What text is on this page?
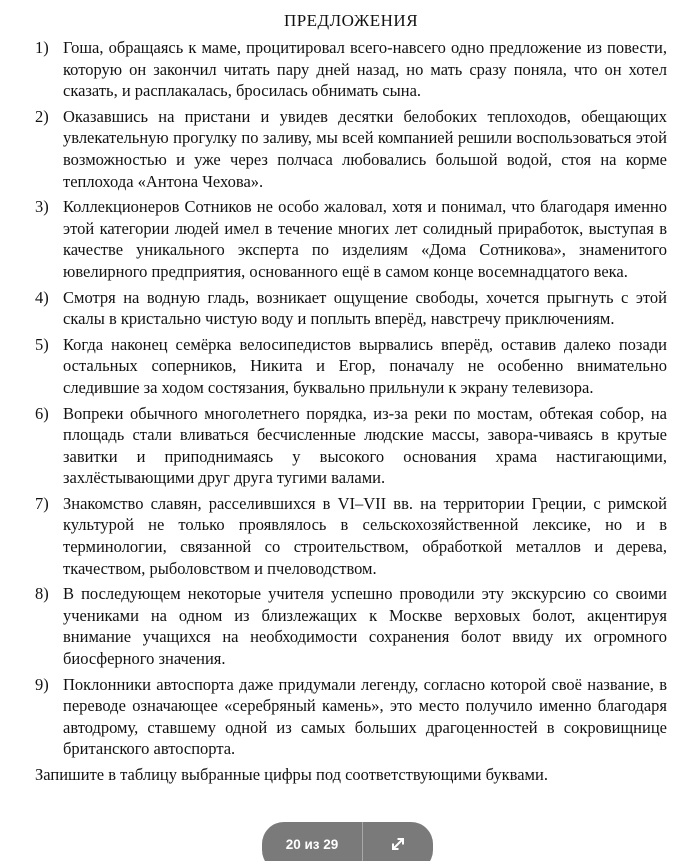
ПРЕДЛОЖЕНИЯ
1) Гоша, обращаясь к маме, процитировал всего-навсего одно предложение из повести, которую он закончил читать пару дней назад, но мать сразу поняла, что он хотел сказать, и расплакалась, бросилась обнимать сына.
2) Оказавшись на пристани и увидев десятки белобоких теплоходов, обещающих увлекательную прогулку по заливу, мы всей компанией решили воспользоваться этой возможностью и уже через полчаса любовались большой водой, стоя на корме теплохода «Антона Чехова».
3) Коллекционеров Сотников не особо жаловал, хотя и понимал, что благодаря именно этой категории людей имел в течение многих лет солидный приработок, выступая в качестве уникального эксперта по изделиям «Дома Сотникова», знаменитого ювелирного предприятия, основанного ещё в самом конце восемнадцатого века.
4) Смотря на водную гладь, возникает ощущение свободы, хочется прыгнуть с этой скалы в кристально чистую воду и поплыть вперёд, навстречу приключениям.
5) Когда наконец семёрка велосипедистов вырвались вперёд, оставив далеко позади остальных соперников, Никита и Егор, поначалу не особенно внимательно следившие за ходом состязания, буквально прильнули к экрану телевизора.
6) Вопреки обычного многолетнего порядка, из-за реки по мостам, обтекая собор, на площадь стали вливаться бесчисленные людские массы, завора-чиваясь в крутые завитки и приподнимаясь у высокого основания храма настигающими, захлёстывающими друг друга тугими валами.
7) Знакомство славян, расселившихся в VI–VII вв. на территории Греции, с римской культурой не только проявлялось в сельскохозяйственной лексике, но и в терминологии, связанной со строительством, обработкой металлов и дерева, ткачеством, рыболовством и пчеловодством.
8) В последующем некоторые учителя успешно проводили эту экскурсию со своими учениками на одном из близлежащих к Москве верховых болот, акцентируя внимание учащихся на необходимости сохранения болот ввиду их огромного биосферного значения.
9) Поклонники автоспорта даже придумали легенду, согласно которой своё название, в переводе означающее «серебряный камень», это место получило именно благодаря автодрому, ставшему одной из самых больших драгоценностей в сокровищнице британского автоспорта.
Запишите в таблицу выбранные цифры под соответствующими буквами.
20 из 29
